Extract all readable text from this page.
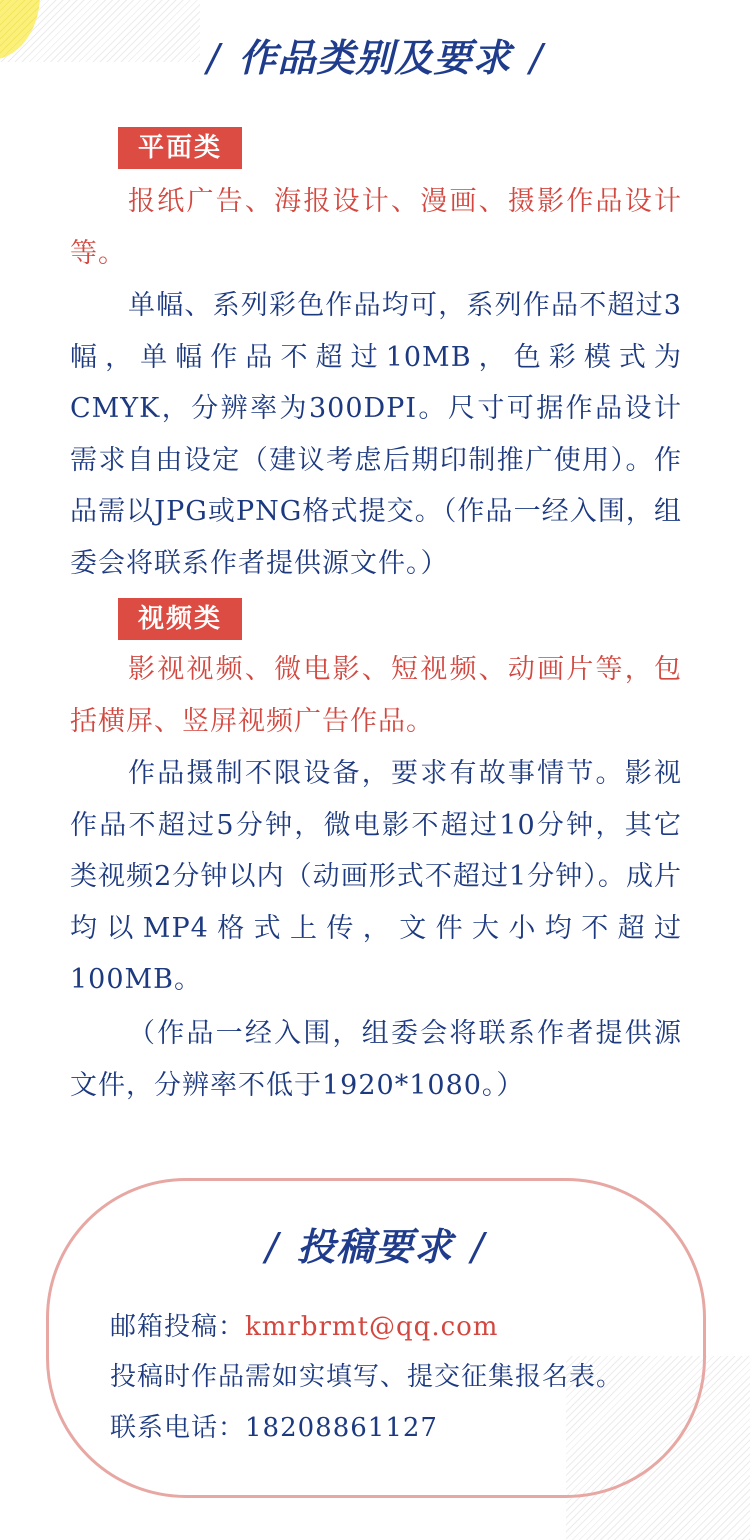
/ 作品类别及要求 /
平面类

报纸广告、海报设计、漫画、摄影作品设计等。

单幅、系列彩色作品均可，系列作品不超过3幅，单幅作品不超过10MB，色彩模式为CMYK，分辨率为300DPI。尺寸可据作品设计需求自由设定（建议考虑后期印制推广使用）。作品需以JPG或PNG格式提交。（作品一经入围，组委会将联系作者提供源文件。）

视频类

影视视频、微电影、短视频、动画片等，包括横屏、竖屏视频广告作品。

作品摄制不限设备，要求有故事情节。影视作品不超过5分钟，微电影不超过10分钟，其它类视频2分钟以内（动画形式不超过1分钟）。成片均以MP4格式上传，文件大小均不超过100MB。

（作品一经入围，组委会将联系作者提供源文件，分辨率不低于1920*1080。）

/ 投稿要求 /
邮箱投稿：kmrbrmt@qq.com
投稿时作品需如实填写、提交征集报名表。
联系电话：18208861127
